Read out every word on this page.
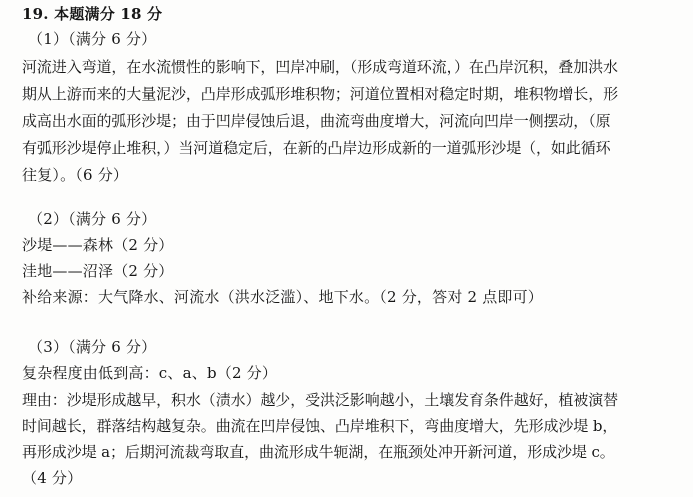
19. 本题满分 18 分
（1）（满分 6 分）
河流进入弯道，在水流惯性的影响下，凹岸冲刷，（形成弯道环流，）在凸岸沉积，叠加洪水
期从上游而来的大量泥沙，凸岸形成弧形堆积物；河道位置相对稳定时期，堆积物增长，形
成高出水面的弧形沙堤；由于凹岸侵蚀后退，曲流弯曲度增大，河流向凹岸一侧摆动，（原
有弧形沙堤停止堆积，）当河道稳定后，在新的凸岸边形成新的一道弧形沙堤（，如此循环
往复）。（6 分）
（2）（满分 6 分）
沙堤——森林（2 分）
洼地——沼泽（2 分）
补给来源：大气降水、河流水（洪水泛滥）、地下水。（2 分，答对 2 点即可）
（3）（满分 6 分）
复杂程度由低到高：c、a、b（2 分）
理由：沙堤形成越早，积水（渍水）越少，受洪泛影响越小，土壤发育条件越好，植被演替
时间越长，群落结构越复杂。曲流在凹岸侵蚀、凸岸堆积下，弯曲度增大，先形成沙堤 b，
再形成沙堤 a；后期河流裁弯取直，曲流形成牛轭湖，在瓶颈处冲开新河道，形成沙堤 c。
（4 分）
